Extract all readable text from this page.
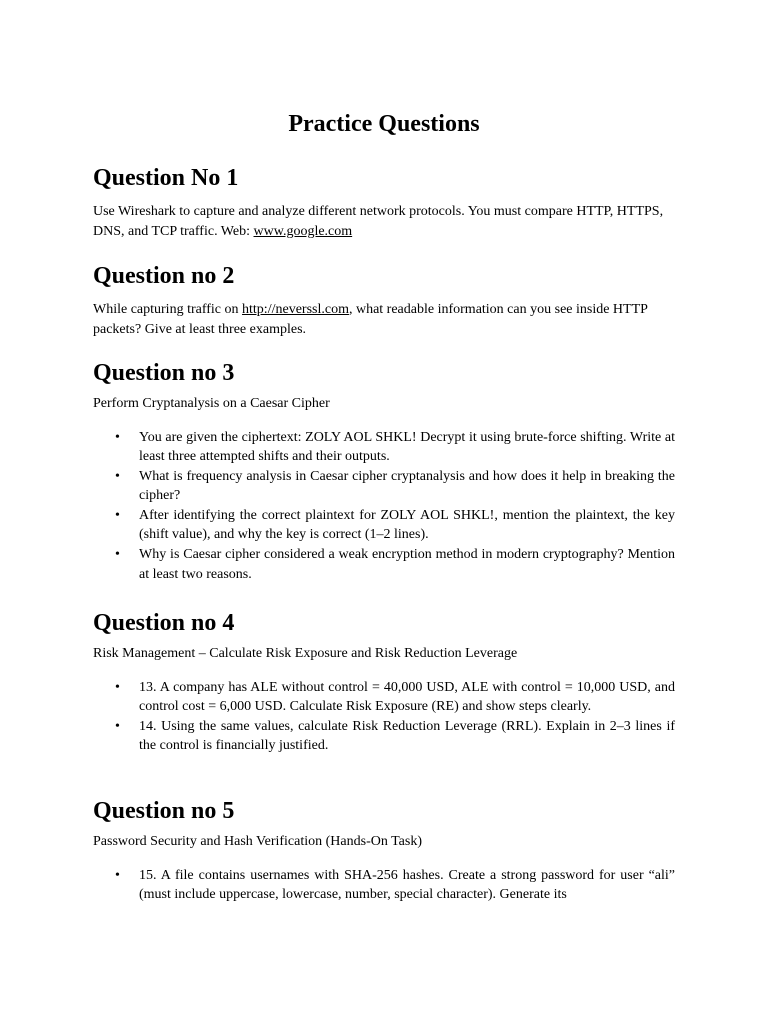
Practice Questions
Question No 1

Use Wireshark to capture and analyze different network protocols. You must compare HTTP, HTTPS, DNS, and TCP traffic. Web: www.google.com

Question no 2

While capturing traffic on http://neverssl.com, what readable information can you see inside HTTP packets? Give at least three examples.

Question no 3

Perform Cryptanalysis on a Caesar Cipher

• You are given the ciphertext: ZOLY AOL SHKL! Decrypt it using brute-force shifting. Write at least three attempted shifts and their outputs.
• What is frequency analysis in Caesar cipher cryptanalysis and how does it help in breaking the cipher?
• After identifying the correct plaintext for ZOLY AOL SHKL!, mention the plaintext, the key (shift value), and why the key is correct (1–2 lines).
• Why is Caesar cipher considered a weak encryption method in modern cryptography? Mention at least two reasons.
Question no 4

Risk Management – Calculate Risk Exposure and Risk Reduction Leverage

• 13. A company has ALE without control = 40,000 USD, ALE with control = 10,000 USD, and control cost = 6,000 USD. Calculate Risk Exposure (RE) and show steps clearly.
• 14. Using the same values, calculate Risk Reduction Leverage (RRL). Explain in 2–3 lines if the control is financially justified.
Question no 5

Password Security and Hash Verification (Hands-On Task)

• 15. A file contains usernames with SHA-256 hashes. Create a strong password for user “ali” (must include uppercase, lowercase, number, special character). Generate its
